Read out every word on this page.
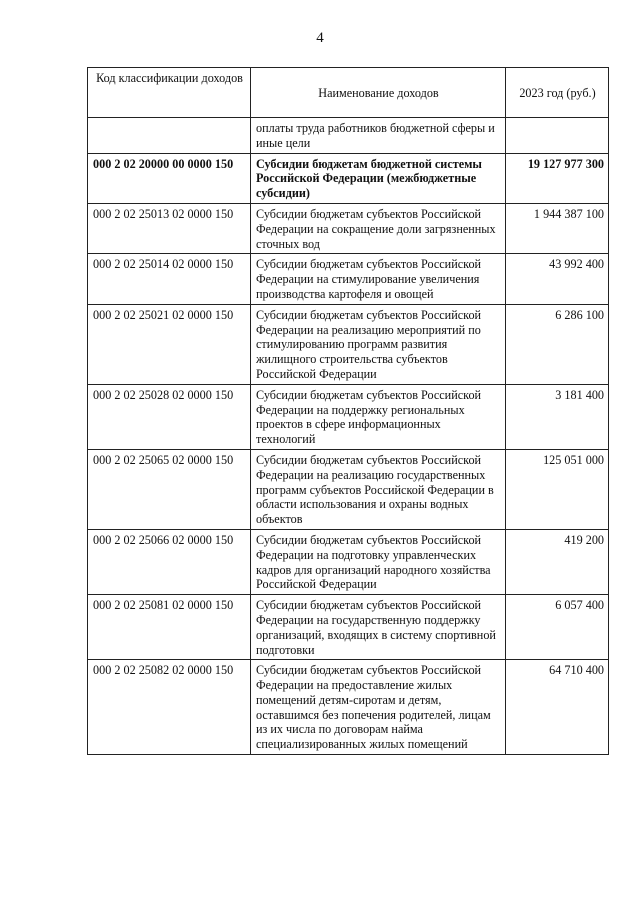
4
Код классификации доходов	Наименование доходов	2023 год (руб.)
	оплаты труда работников бюджетной сферы и иные цели	
000 2 02 20000 00 0000 150	Субсидии бюджетам бюджетной системы Российской Федерации (межбюджетные субсидии)	19 127 977 300
000 2 02 25013 02 0000 150	Субсидии бюджетам субъектов Российской Федерации на сокращение доли загрязненных сточных вод	1 944 387 100
000 2 02 25014 02 0000 150	Субсидии бюджетам субъектов Российской Федерации на стимулирование увеличения производства картофеля и овощей	43 992 400
000 2 02 25021 02 0000 150	Субсидии бюджетам субъектов Российской Федерации на реализацию мероприятий по стимулированию программ развития жилищного строительства субъектов Российской Федерации	6 286 100
000 2 02 25028 02 0000 150	Субсидии бюджетам субъектов Российской Федерации на поддержку региональных проектов в сфере информационных технологий	3 181 400
000 2 02 25065 02 0000 150	Субсидии бюджетам субъектов Российской Федерации на реализацию государственных программ субъектов Российской Федерации в области использования и охраны водных объектов	125 051 000
000 2 02 25066 02 0000 150	Субсидии бюджетам субъектов Российской Федерации на подготовку управленческих кадров для организаций народного хозяйства Российской Федерации	419 200
000 2 02 25081 02 0000 150	Субсидии бюджетам субъектов Российской Федерации на государственную поддержку организаций, входящих в систему спортивной подготовки	6 057 400
000 2 02 25082 02 0000 150	Субсидии бюджетам субъектов Российской Федерации на предоставление жилых помещений детям-сиротам и детям, оставшимся без попечения родителей, лицам из их числа по договорам найма специализированных жилых помещений	64 710 400
